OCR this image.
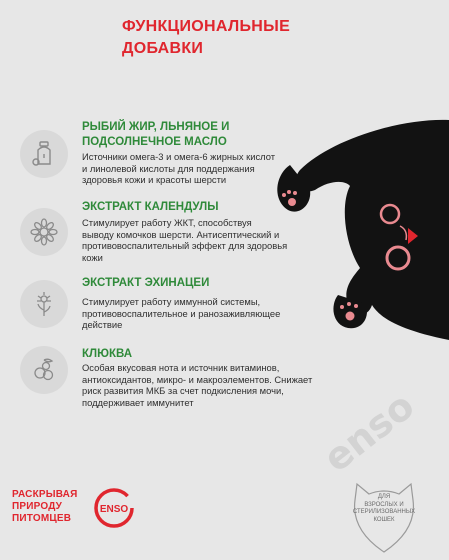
ФУНКЦИОНАЛЬНЫЕ
ДОБАВКИ
enso
РЫБИЙ ЖИР, ЛЬНЯНОЕ И
ПОДСОЛНЕЧНОЕ МАСЛО
Источники омега-3 и омега-6 жирных кислот
и линолевой кислоты для поддержания
здоровья кожи и красоты шерсти
ЭКСТРАКТ КАЛЕНДУЛЫ
Стимулирует работу ЖКТ, способствуя
выводу комочков шерсти. Антисептический и
противовоспалительный эффект для здоровья
кожи
ЭКСТРАКТ ЭХИНАЦЕИ
Стимулирует работу иммунной системы,
противовоспалительное и ранозаживляющее
действие
КЛЮКВА
Особая вкусовая нота и источник витаминов,
антиоксидантов, микро- и макроэлементов. Снижает
риск развития МКБ за счет подкисления мочи,
поддерживает иммунитет
РАСКРЫВАЯ
ПРИРОДУ
ПИТОМЦЕВ
ENSO
ДЛЯ
ВЗРОСЛЫХ И
СТЕРИЛИЗОВАННЫХ
КОШЕК
